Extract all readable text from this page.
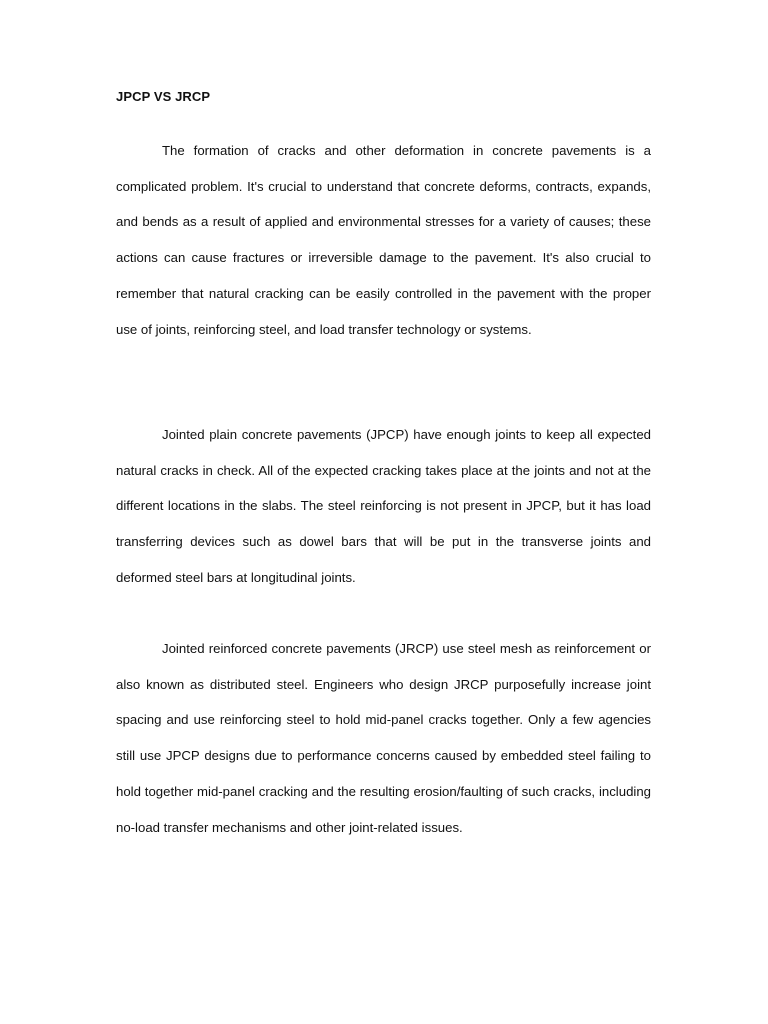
JPCP VS JRCP

The formation of cracks and other deformation in concrete pavements is a complicated problem. It's crucial to understand that concrete deforms, contracts, expands, and bends as a result of applied and environmental stresses for a variety of causes; these actions can cause fractures or irreversible damage to the pavement. It's also crucial to remember that natural cracking can be easily controlled in the pavement with the proper use of joints, reinforcing steel, and load transfer technology or systems.

Jointed plain concrete pavements (JPCP) have enough joints to keep all expected natural cracks in check. All of the expected cracking takes place at the joints and not at the different locations in the slabs. The steel reinforcing is not present in JPCP, but it has load transferring devices such as dowel bars that will be put in the transverse joints and deformed steel bars at longitudinal joints.

Jointed reinforced concrete pavements (JRCP) use steel mesh as reinforcement or also known as distributed steel. Engineers who design JRCP purposefully increase joint spacing and use reinforcing steel to hold mid-panel cracks together. Only a few agencies still use JPCP designs due to performance concerns caused by embedded steel failing to hold together mid-panel cracking and the resulting erosion/faulting of such cracks, including no-load transfer mechanisms and other joint-related issues.
